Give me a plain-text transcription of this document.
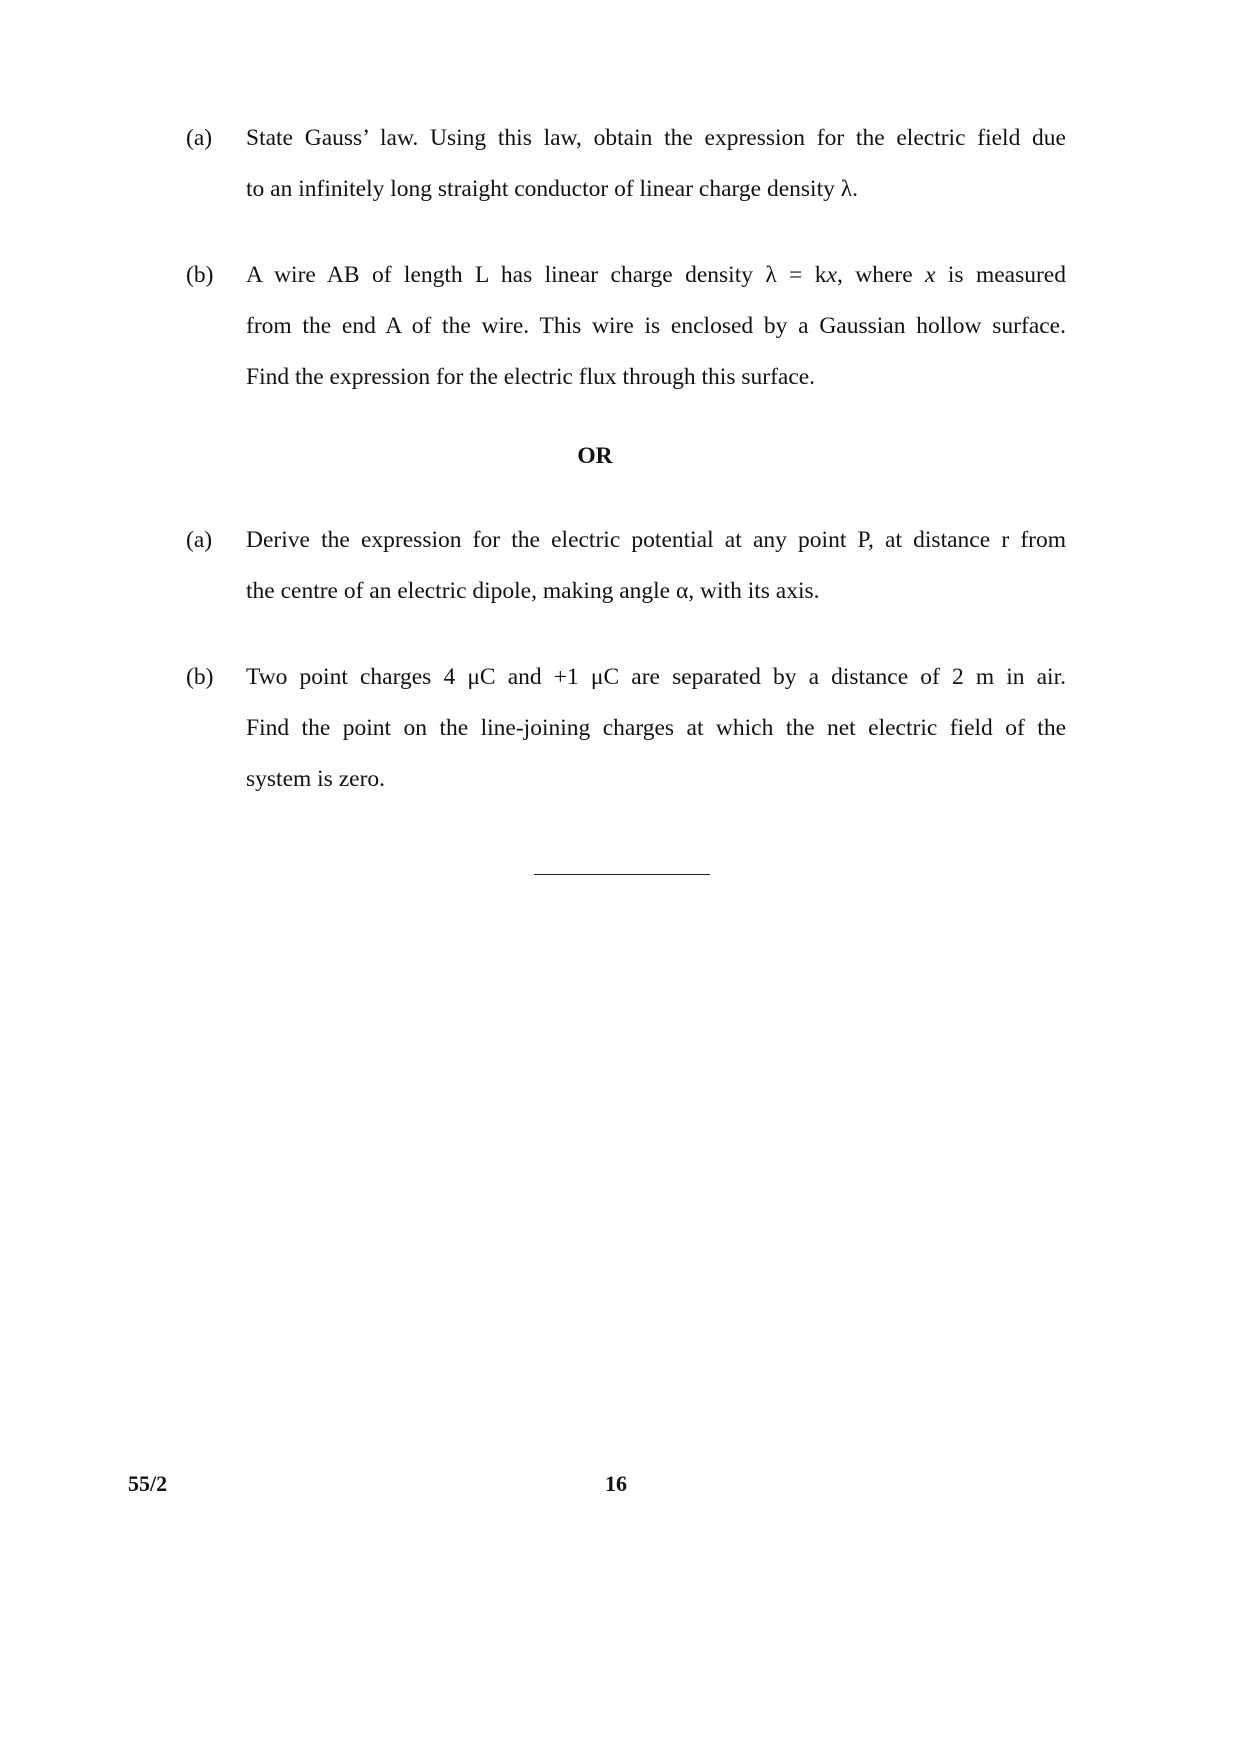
(a) State Gauss’ law. Using this law, obtain the expression for the electric field due

to an infinitely long straight conductor of linear charge density λ.

(b) A wire AB of length L has linear charge density λ = kx, where x is measured

from the end A of the wire. This wire is enclosed by a Gaussian hollow surface.

Find the expression for the electric flux through this surface.

OR
(a) Derive the expression for the electric potential at any point P, at distance r from

the centre of an electric dipole, making angle α, with its axis.

(b) Two point charges 4 μC and +1 μC are separated by a distance of 2 m in air.

Find the point on the line-joining charges at which the net electric field of the

system is zero.

55/2	16
